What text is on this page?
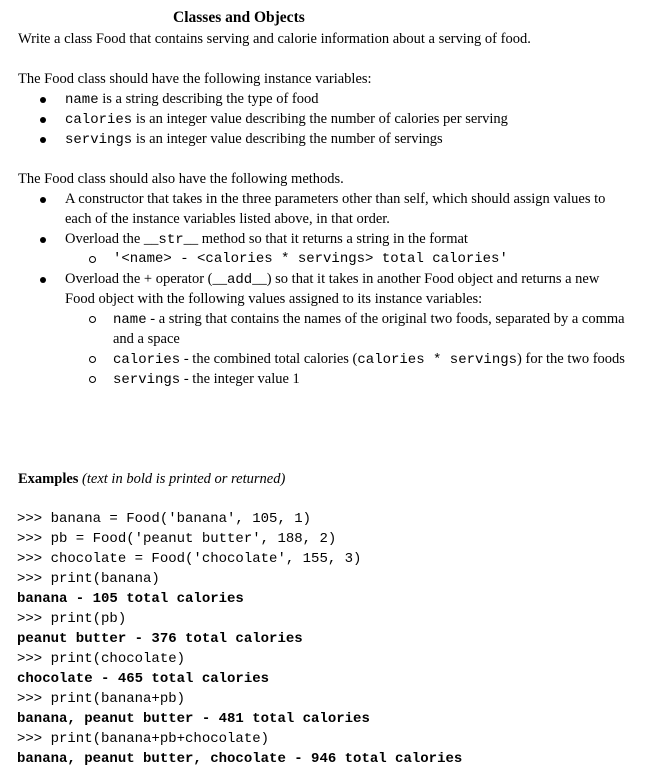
Classes and Objects
Write a class Food that contains serving and calorie information about a serving of food.
The Food class should have the following instance variables:
name is a string describing the type of food
calories is an integer value describing the number of calories per serving
servings is an integer value describing the number of servings
The Food class should also have the following methods.
A constructor that takes in the three parameters other than self, which should assign values to
each of the instance variables listed above, in that order.
Overload the __str__ method so that it returns a string in the format
'<name> - <calories * servings> total calories'
Overload the + operator (__add__) so that it takes in another Food object and returns a new
Food object with the following values assigned to its instance variables:
name - a string that contains the names of the original two foods, separated by a comma
and a space
calories - the combined total calories (calories * servings) for the two foods
servings - the integer value 1
Examples (text in bold is printed or returned)
>>> banana = Food('banana', 105, 1)
>>> pb = Food('peanut butter', 188, 2)
>>> chocolate = Food('chocolate', 155, 3)
>>> print(banana)
banana - 105 total calories
>>> print(pb)
peanut butter - 376 total calories
>>> print(chocolate)
chocolate - 465 total calories
>>> print(banana+pb)
banana, peanut butter - 481 total calories
>>> print(banana+pb+chocolate)
banana, peanut butter, chocolate - 946 total calories
